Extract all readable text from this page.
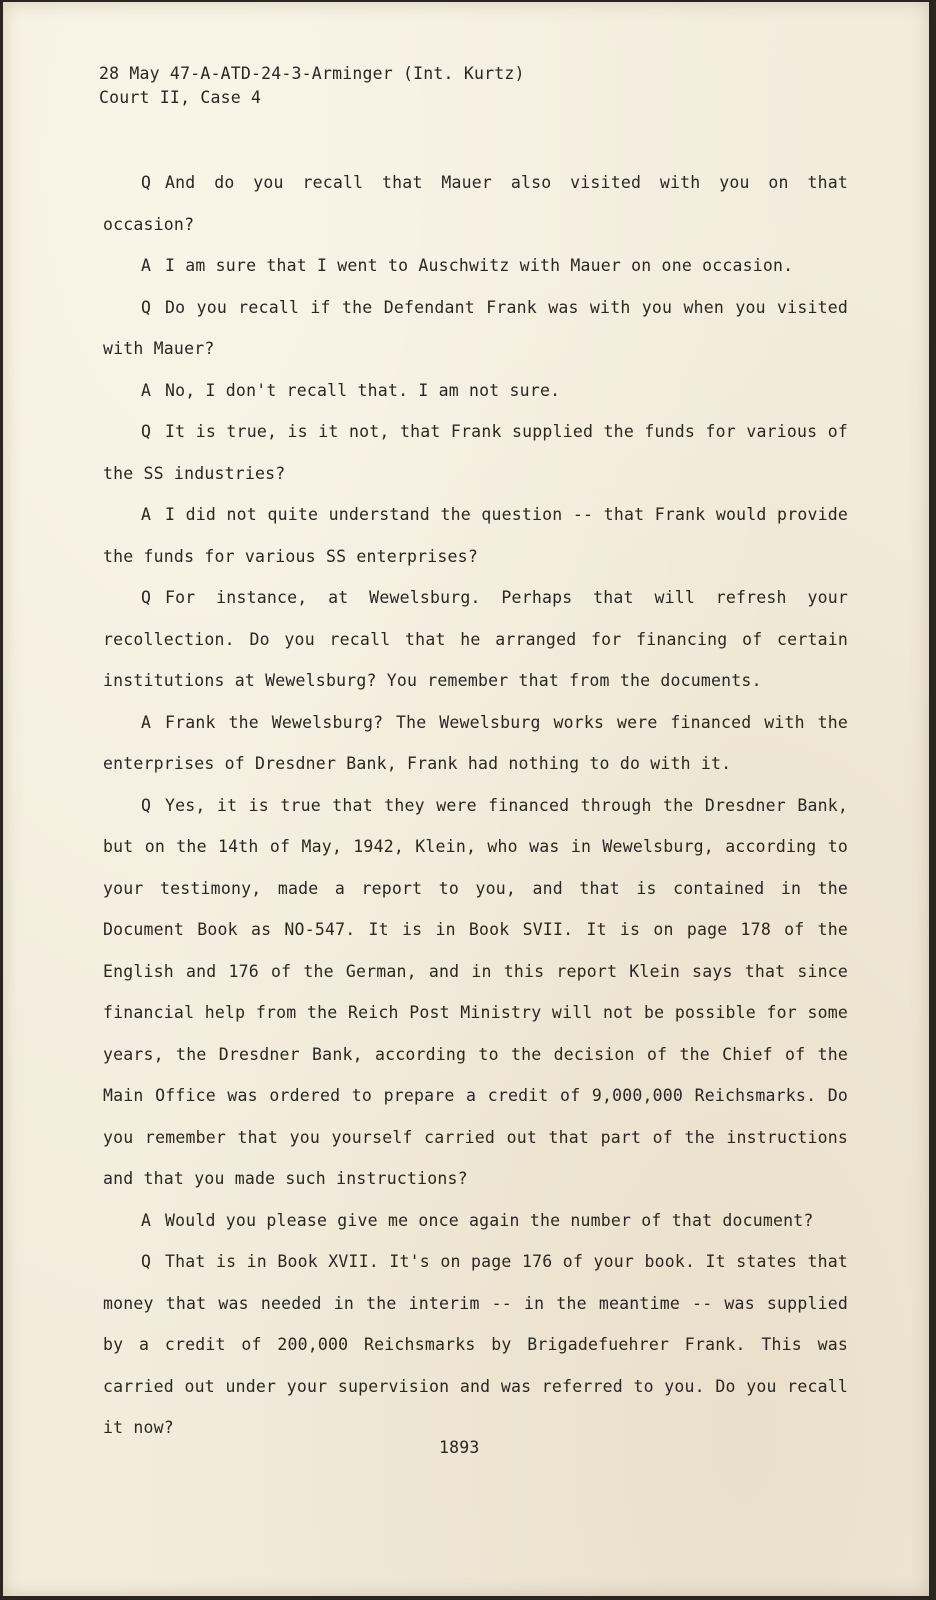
28 May 47-A-ATD-24-3-Arminger (Int. Kurtz)
Court II, Case 4

Q And do you recall that Mauer also visited with you on that occasion?

A I am sure that I went to Auschwitz with Mauer on one occasion.

Q Do you recall if the Defendant Frank was with you when you visited with Mauer?

A No, I don't recall that. I am not sure.

Q It is true, is it not, that Frank supplied the funds for various of the SS industries?

A I did not quite understand the question -- that Frank would provide the funds for various SS enterprises?

Q For instance, at Wewelsburg. Perhaps that will refresh your recollection. Do you recall that he arranged for financing of certain institutions at Wewelsburg? You remember that from the documents.

A Frank the Wewelsburg? The Wewelsburg works were financed with the enterprises of Dresdner Bank, Frank had nothing to do with it.

Q Yes, it is true that they were financed through the Dresdner Bank, but on the 14th of May, 1942, Klein, who was in Wewelsburg, according to your testimony, made a report to you, and that is contained in the Document Book as NO-547. It is in Book SVII. It is on page 178 of the English and 176 of the German, and in this report Klein says that since financial help from the Reich Post Ministry will not be possible for some years, the Dresdner Bank, according to the decision of the Chief of the Main Office was ordered to prepare a credit of 9,000,000 Reichsmarks. Do you remember that you yourself carried out that part of the instructions and that you made such instructions?

A Would you please give me once again the number of that document?

Q That is in Book XVII. It's on page 176 of your book. It states that money that was needed in the interim -- in the meantime -- was supplied by a credit of 200,000 Reichsmarks by Brigadefuehrer Frank. This was carried out under your supervision and was referred to you. Do you recall it now?

1893
